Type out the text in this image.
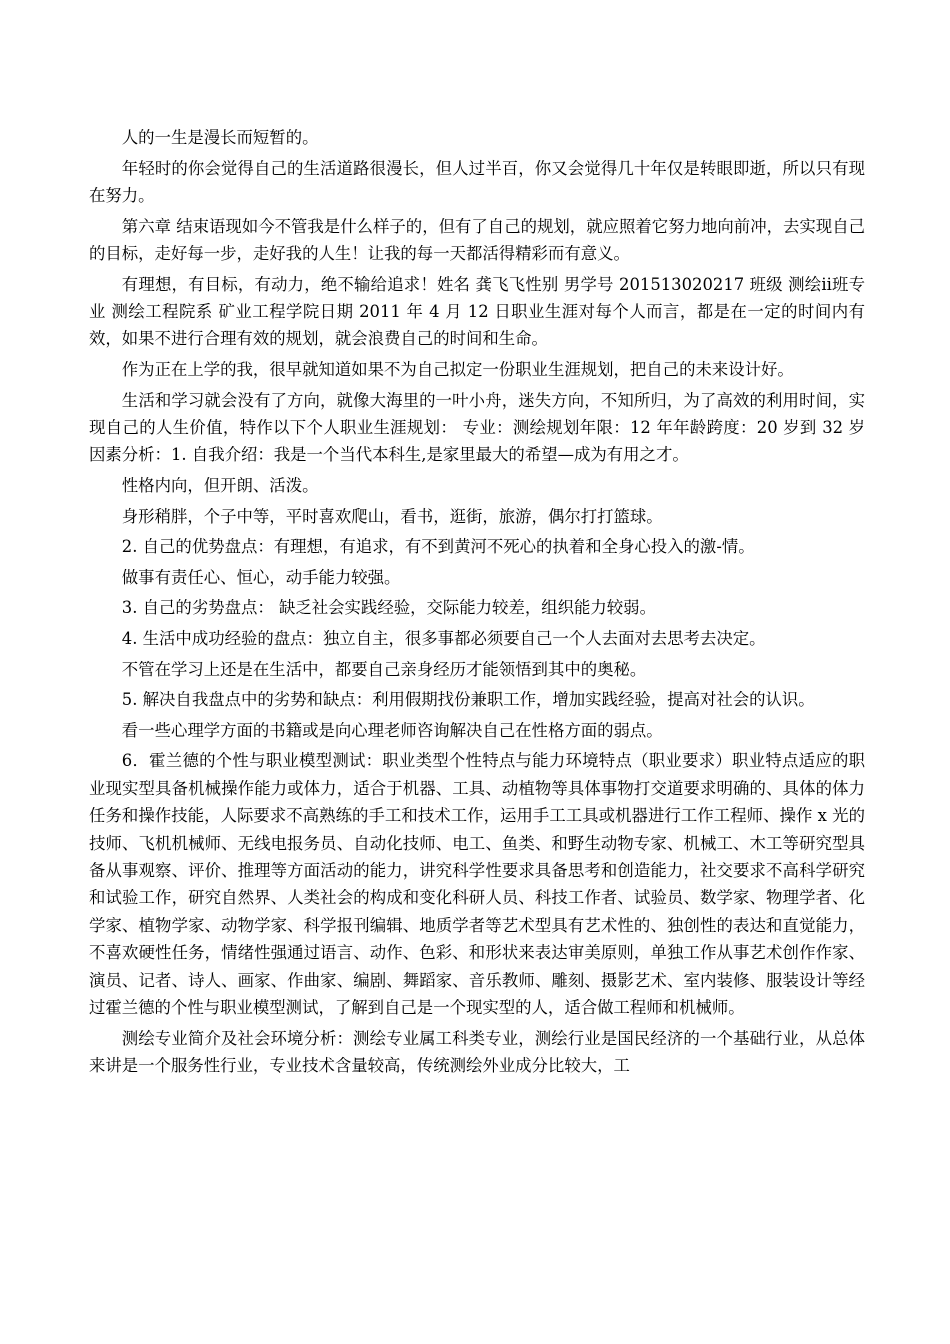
人的一生是漫长而短暂的。

年轻时的你会觉得自己的生活道路很漫长，但人过半百，你又会觉得几十年仅是转眼即逝，所以只有现在努力。

第六章 结束语现如今不管我是什么样子的，但有了自己的规划，就应照着它努力地向前冲，去实现自己的目标，走好每一步，走好我的人生！让我的每一天都活得精彩而有意义。

有理想，有目标，有动力，绝不输给追求！姓名 龚飞飞性别 男学号 201513020217 班级 测绘ii班专业 测绘工程院系 矿业工程学院日期 2011 年 4 月 12 日职业生涯对每个人而言，都是在一定的时间内有效，如果不进行合理有效的规划，就会浪费自己的时间和生命。

作为正在上学的我，很早就知道如果不为自己拟定一份职业生涯规划，把自己的未来设计好。

生活和学习就会没有了方向，就像大海里的一叶小舟，迷失方向，不知所归，为了高效的利用时间，实现自己的人生价值，特作以下个人职业生涯规划： 专业：测绘规划年限：12 年年龄跨度：20 岁到 32 岁因素分析：1. 自我介绍：我是一个当代本科生,是家里最大的希望—成为有用之才。

性格内向，但开朗、活泼。

身形稍胖，个子中等，平时喜欢爬山，看书，逛街，旅游，偶尔打打篮球。

2. 自己的优势盘点：有理想，有追求，有不到黄河不死心的执着和全身心投入的激-情。

做事有责任心、恒心，动手能力较强。

3. 自己的劣势盘点： 缺乏社会实践经验，交际能力较差，组织能力较弱。

4. 生活中成功经验的盘点：独立自主，很多事都必须要自己一个人去面对去思考去决定。

不管在学习上还是在生活中，都要自己亲身经历才能领悟到其中的奥秘。

5. 解决自我盘点中的劣势和缺点：利用假期找份兼职工作，增加实践经验，提高对社会的认识。

看一些心理学方面的书籍或是向心理老师咨询解决自己在性格方面的弱点。

6．霍兰德的个性与职业模型测试：职业类型个性特点与能力环境特点（职业要求）职业特点适应的职业现实型具备机械操作能力或体力，适合于机器、工具、动植物等具体事物打交道要求明确的、具体的体力任务和操作技能，人际要求不高熟练的手工和技术工作，运用手工工具或机器进行工作工程师、操作 x 光的技师、飞机机械师、无线电报务员、自动化技师、电工、鱼类、和野生动物专家、机械工、木工等研究型具备从事观察、评价、推理等方面活动的能力，讲究科学性要求具备思考和创造能力，社交要求不高科学研究和试验工作，研究自然界、人类社会的构成和变化科研人员、科技工作者、试验员、数学家、物理学者、化学家、植物学家、动物学家、科学报刊编辑、地质学者等艺术型具有艺术性的、独创性的表达和直觉能力，不喜欢硬性任务，情绪性强通过语言、动作、色彩、和形状来表达审美原则，单独工作从事艺术创作作家、演员、记者、诗人、画家、作曲家、编剧、舞蹈家、音乐教师、雕刻、摄影艺术、室内装修、服装设计等经过霍兰德的个性与职业模型测试，了解到自己是一个现实型的人，适合做工程师和机械师。

测绘专业简介及社会环境分析：测绘专业属工科类专业，测绘行业是国民经济的一个基础行业，从总体来讲是一个服务性行业，专业技术含量较高，传统测绘外业成分比较大，工
